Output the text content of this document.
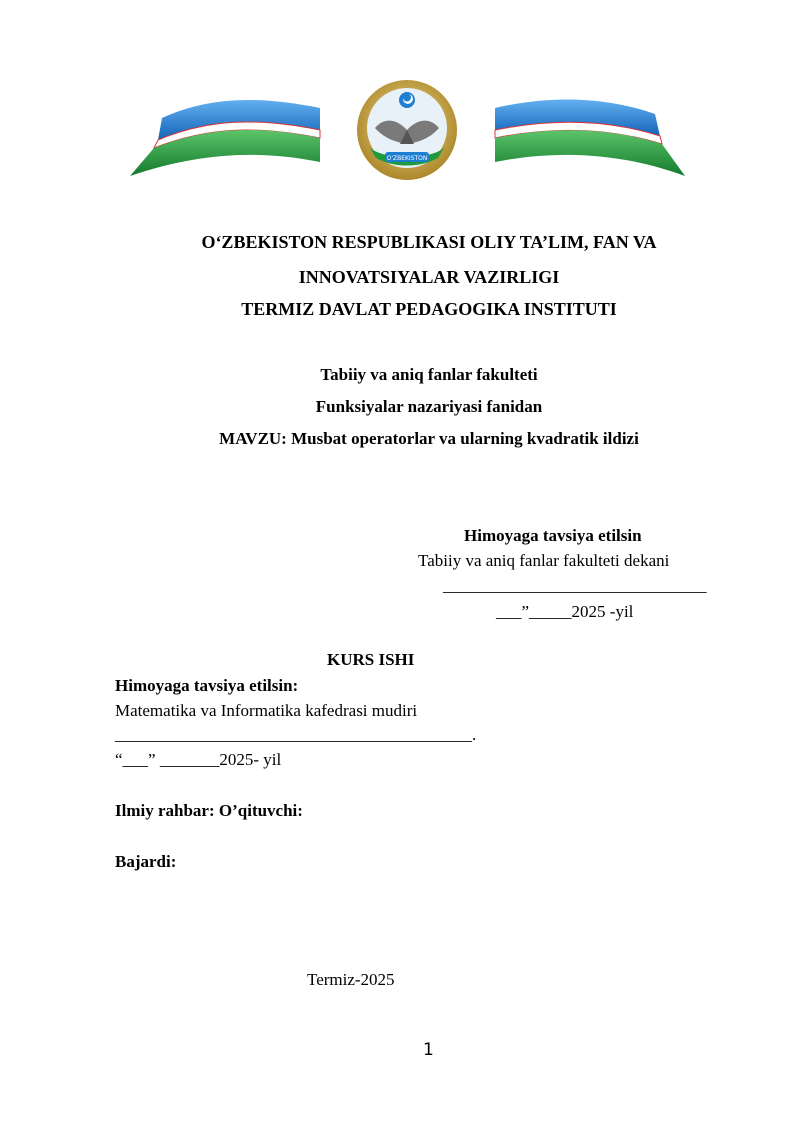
O'ZBEKISTON
O‘ZBEKISTON RESPUBLIKASI OLIY TA’LIM, FAN VA
INNOVATSIYALAR VAZIRLIGI
TERMIZ DAVLAT PEDAGOGIKA INSTITUTI
Tabiiy va aniq fanlar fakulteti
Funksiyalar nazariyasi fanidan
MAVZU: Musbat operatorlar va ularning kvadratik ildizi
Himoyaga tavsiya etilsin
Tabiiy va aniq fanlar fakulteti dekani
_______________________________
___”_____2025 -yil
KURS ISHI
Himoyaga tavsiya etilsin:
Matematika va Informatika kafedrasi mudiri
__________________________________________.
“___” _______2025- yil
Ilmiy rahbar: O’qituvchi:
Bajardi:
Termiz-2025
1
